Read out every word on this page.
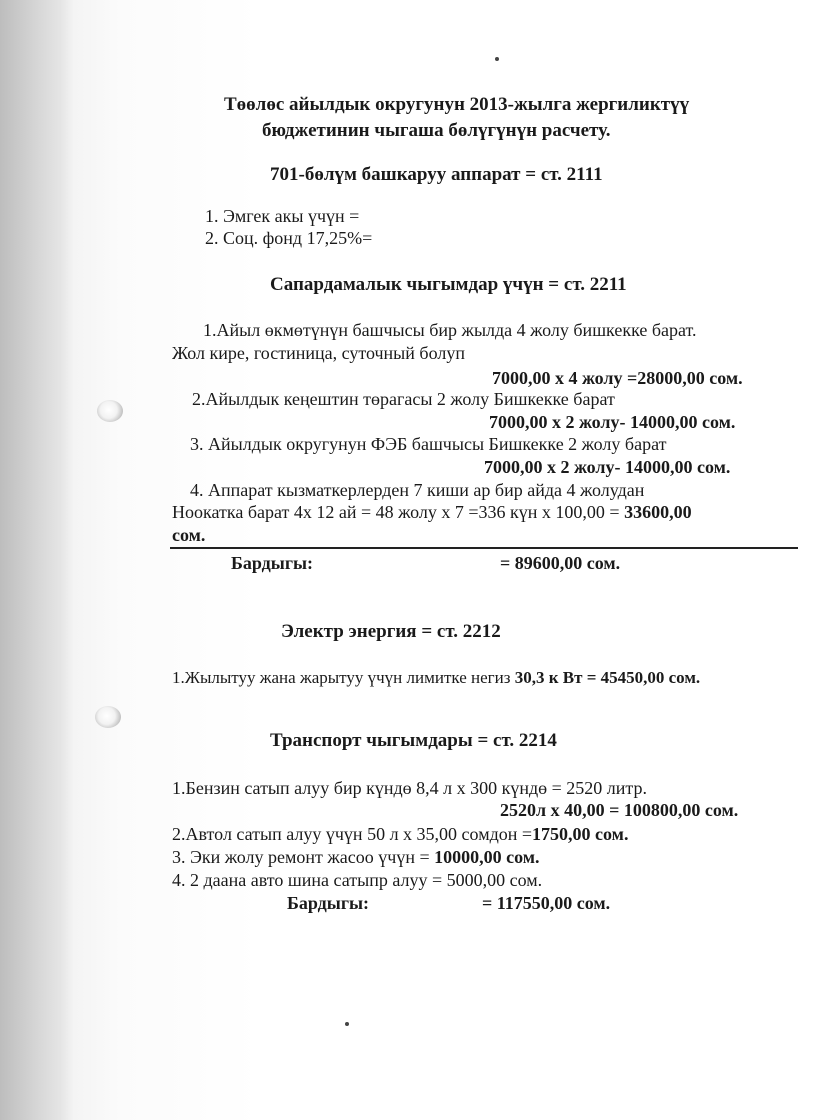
Төөлөс айылдык округунун 2013-жылга жергиликтүү
бюджетинин чыгаша бөлүгүнүн расчету.
701-бөлүм башкаруу аппарат = ст. 2111
1. Эмгек акы үчүн =
2. Соц. фонд 17,25%=
Сапардамалык чыгымдар үчүн = ст. 2211
1.Айыл өкмөтүнүн башчысы бир жылда 4 жолу бишкекке барат.
Жол кире, гостиница, суточный болуп
7000,00 х 4 жолу =28000,00 сом.
2.Айылдык кеңештин төрагасы 2 жолу Бишкекке барат
7000,00 х 2 жолу- 14000,00 сом.
3. Айылдык округунун ФЭБ башчысы Бишкекке 2 жолу барат
7000,00 х 2 жолу- 14000,00 сом.
4. Аппарат кызматкерлерден 7 киши ар бир айда 4 жолудан
Ноокатка барат 4х 12 ай = 48 жолу х 7 =336 күн х 100,00 = 33600,00
сом.
Бардыгы:	= 89600,00 сом.
Электр энергия = ст. 2212
1.Жылытуу жана жарытуу үчүн лимитке негиз 30,3 к Вт = 45450,00 сом.
Транспорт чыгымдары = ст. 2214
1.Бензин сатып алуу бир күндө 8,4 л х 300 күндө = 2520 литр.
2520л х 40,00 = 100800,00 сом.
2.Автол сатып алуу үчүн 50 л х 35,00 сомдон =1750,00 сом.
3. Эки жолу ремонт жасоо үчүн = 10000,00 сом.
4. 2 даана авто шина сатыпр алуу = 5000,00 сом.
Бардыгы:	= 117550,00 сом.
